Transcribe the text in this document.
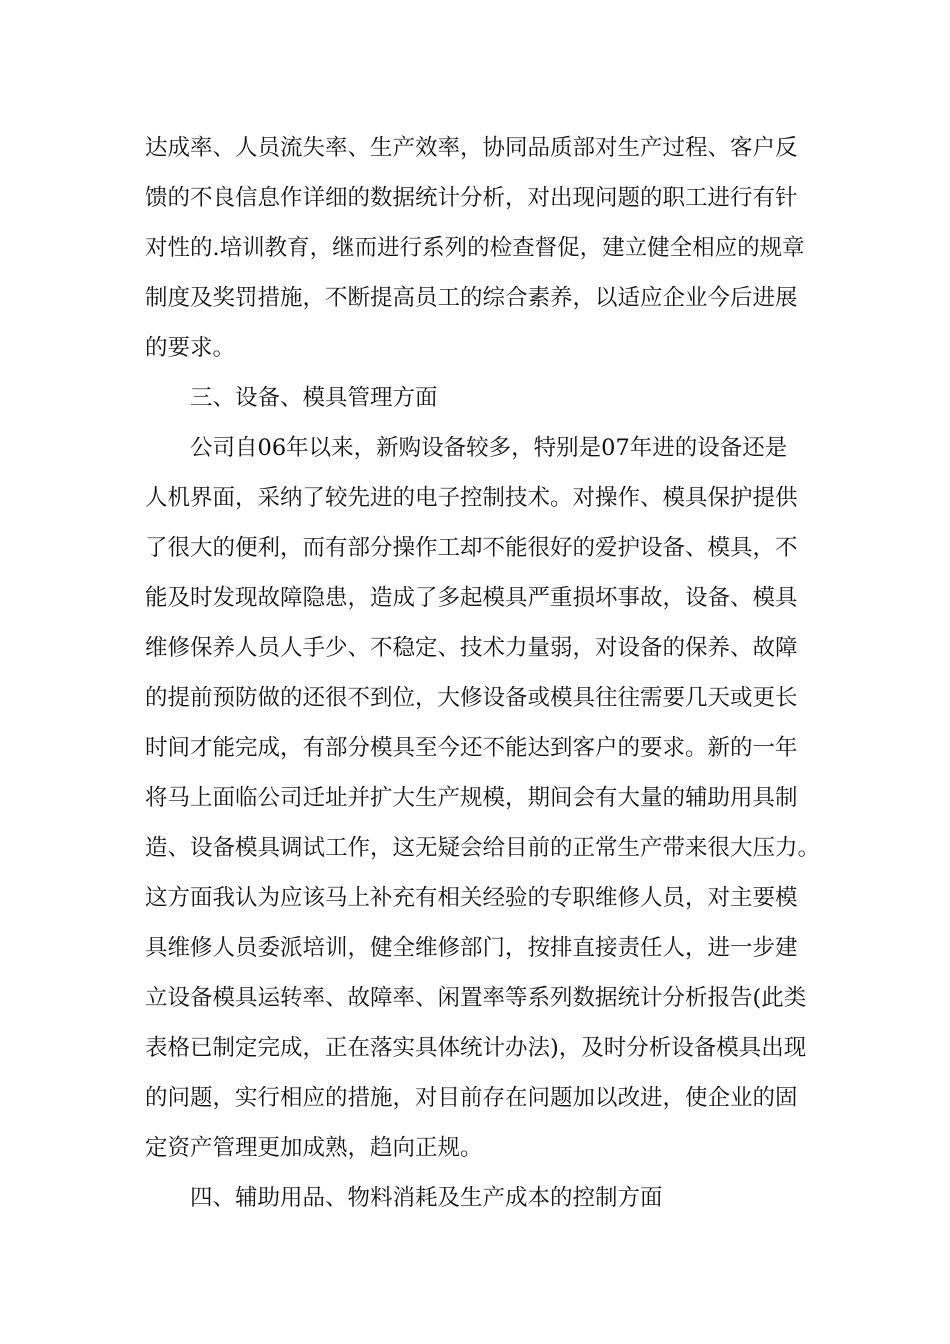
达成率、人员流失率、生产效率，协同品质部对生产过程、客户反
馈的不良信息作详细的数据统计分析，对出现问题的职工进行有针
对性的.培训教育，继而进行系列的检查督促，建立健全相应的规章
制度及奖罚措施，不断提高员工的综合素养，以适应企业今后进展
的要求。
三、设备、模具管理方面
公司自06年以来，新购设备较多，特别是07年进的设备还是
人机界面，采纳了较先进的电子控制技术。对操作、模具保护提供
了很大的便利，而有部分操作工却不能很好的爱护设备、模具，不
能及时发现故障隐患，造成了多起模具严重损坏事故，设备、模具
维修保养人员人手少、不稳定、技术力量弱，对设备的保养、故障
的提前预防做的还很不到位，大修设备或模具往往需要几天或更长
时间才能完成，有部分模具至今还不能达到客户的要求。新的一年
将马上面临公司迁址并扩大生产规模，期间会有大量的辅助用具制
造、设备模具调试工作，这无疑会给目前的正常生产带来很大压力。
这方面我认为应该马上补充有相关经验的专职维修人员，对主要模
具维修人员委派培训，健全维修部门，按排直接责任人，进一步建
立设备模具运转率、故障率、闲置率等系列数据统计分析报告(此类
表格已制定完成，正在落实具体统计办法)，及时分析设备模具出现
的问题，实行相应的措施，对目前存在问题加以改进，使企业的固
定资产管理更加成熟，趋向正规。
四、辅助用品、物料消耗及生产成本的控制方面
